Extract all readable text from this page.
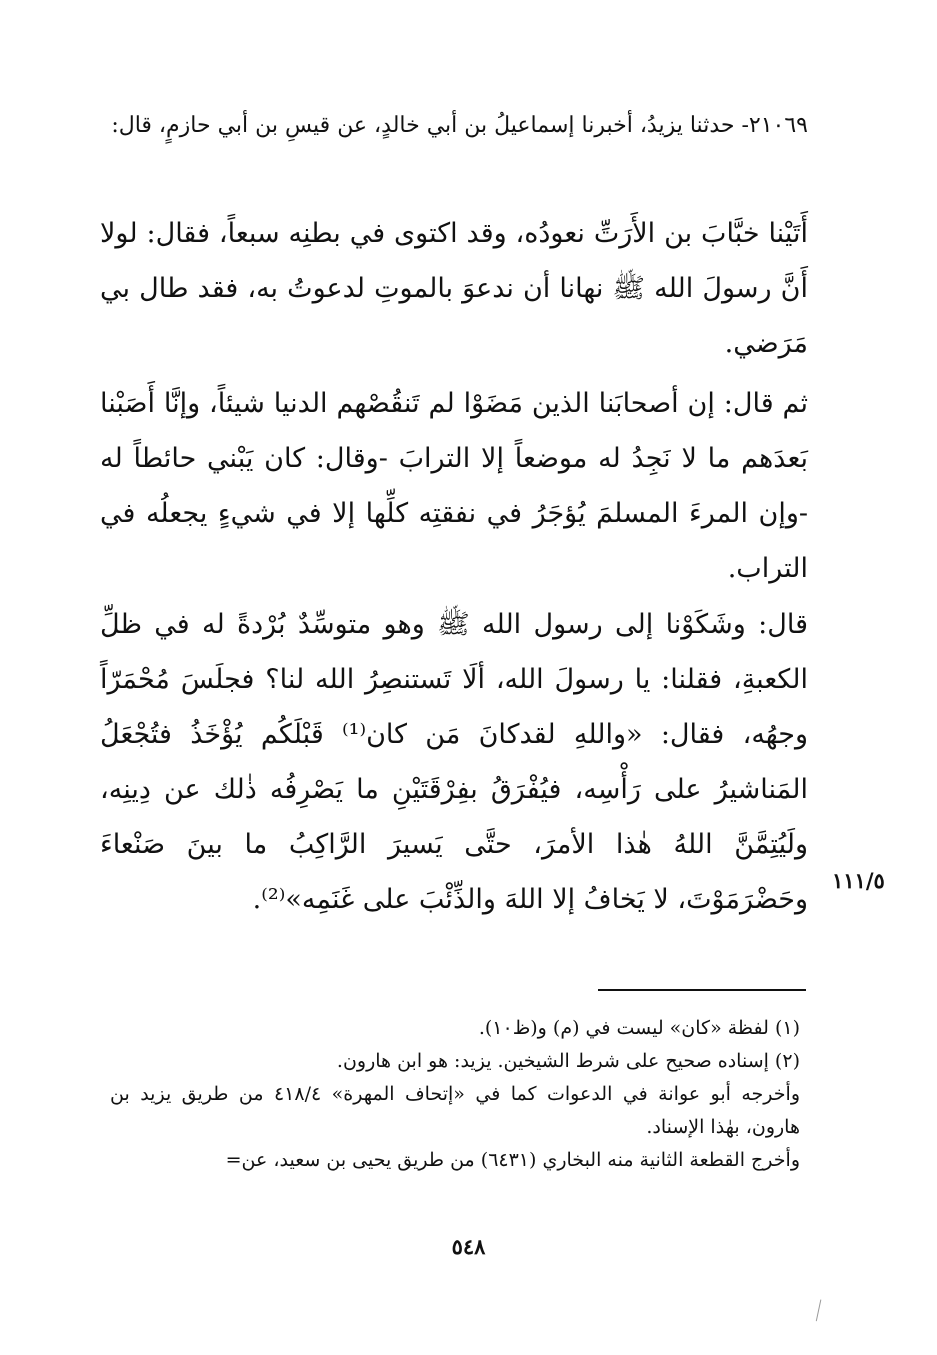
٢١٠٦٩- حدثنا يزيدُ، أخبرنا إسماعيلُ بن أبي خالدٍ، عن قيسِ بن أبي حازمٍ، قال:
أَتَيْنا خبَّابَ بن الأَرَتِّ نعودُه، وقد اكتوى في بطنِه سبعاً، فقال: لولا أَنَّ رسولَ الله ﷺ نهانا أن ندعوَ بالموتِ لدعوتُ به، فقد طال بي مَرَضي.
ثم قال: إن أصحابَنا الذين مَضَوْا لم تَنقُصْهم الدنيا شيئاً، وإنَّا أَصَبْنا بَعدَهم ما لا نَجِدُ له موضعاً إلا الترابَ -وقال: كان يَبْني حائطاً له -وإن المرءَ المسلمَ يُؤجَرُ في نفقتِه كلِّها إلا في شيءٍ يجعلُه في التراب.
قال: وشَكَوْنا إلى رسول الله ﷺ وهو متوسِّدٌ بُرْدةً له في ظلِّ الكعبةِ، فقلنا: يا رسولَ الله، ألَا تَستنصِرُ الله لنا؟ فجلَسَ مُحْمَرّاً وجهُه، فقال: «واللهِ لقدكانَ مَن كان⁽¹⁾ قَبْلَكُم يُؤْخَذُ فتُجْعَلُ المَناشيرُ على رَأْسِه، فيُفْرَقُ بفِرْقَتَيْنِ ما يَصْرِفُه ذٰلك عن دِينِه، ولَيُتِمَّنَّ اللهُ هٰذا الأمرَ، حتَّى يَسيرَ الرَّاكِبُ ما بينَ صَنْعاءَ وحَضْرَمَوْتَ، لا يَخافُ إلا اللهَ والذِّئْبَ على غَنَمِه»⁽²⁾.
١١١/٥

(١) لفظة «كان» ليست في (م) و(ظ١٠).

(٢) إسناده صحيح على شرط الشيخين. يزيد: هو ابن هارون.

وأخرجه أبو عوانة في الدعوات كما في «إتحاف المهرة» ٤١٨/٤ من طريق يزيد بن هارون، بهٰذا الإسناد.

وأخرج القطعة الثانية منه البخاري (٦٤٣١) من طريق يحيى بن سعيد، عن=

٥٤٨
